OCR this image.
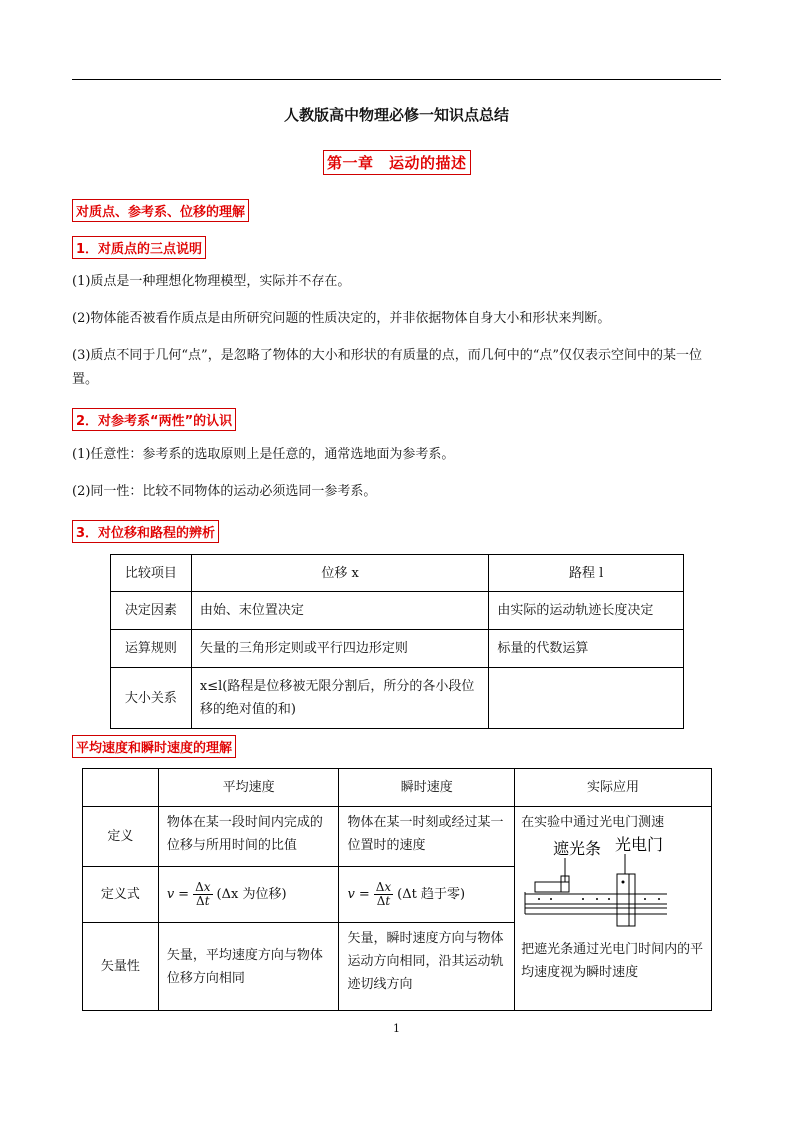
人教版高中物理必修一知识点总结
第一章　运动的描述
对质点、参考系、位移的理解
1．对质点的三点说明
(1)质点是一种理想化物理模型，实际并不存在。
(2)物体能否被看作质点是由所研究问题的性质决定的，并非依据物体自身大小和形状来判断。
(3)质点不同于几何“点”，是忽略了物体的大小和形状的有质量的点，而几何中的“点”仅仅表示空间中的某一位置。
2．对参考系“两性”的认识
(1)任意性：参考系的选取原则上是任意的，通常选地面为参考系。
(2)同一性：比较不同物体的运动必须选同一参考系。
3．对位移和路程的辨析
比较项目	位移 x	路程 l
决定因素	由始、末位置决定	由实际的运动轨迹长度决定
运算规则	矢量的三角形定则或平行四边形定则	标量的代数运算
大小关系	x≤l(路程是位移被无限分割后，所分的各小段位移的绝对值的和)	
平均速度和瞬时速度的理解
	平均速度	瞬时速度	实际应用
定义	物体在某一段时间内完成的位移与所用时间的比值	物体在某一时刻或经过某一位置时的速度	在实验中通过光电门测速
遮光条 光电门
把遮光条通过光电门时间内的平均速度视为瞬时速度

定义式	$v = \frac{\Delta x}{\Delta t} (\Delta x$ 为位移)	$v = \frac{\Delta x}{\Delta t} (\Delta t$ 趋于零)	

矢量性	矢量，平均速度方向与物体位移方向相同	矢量，瞬时速度方向与物体运动方向相同，沿其运动轨迹切线方向	
1
